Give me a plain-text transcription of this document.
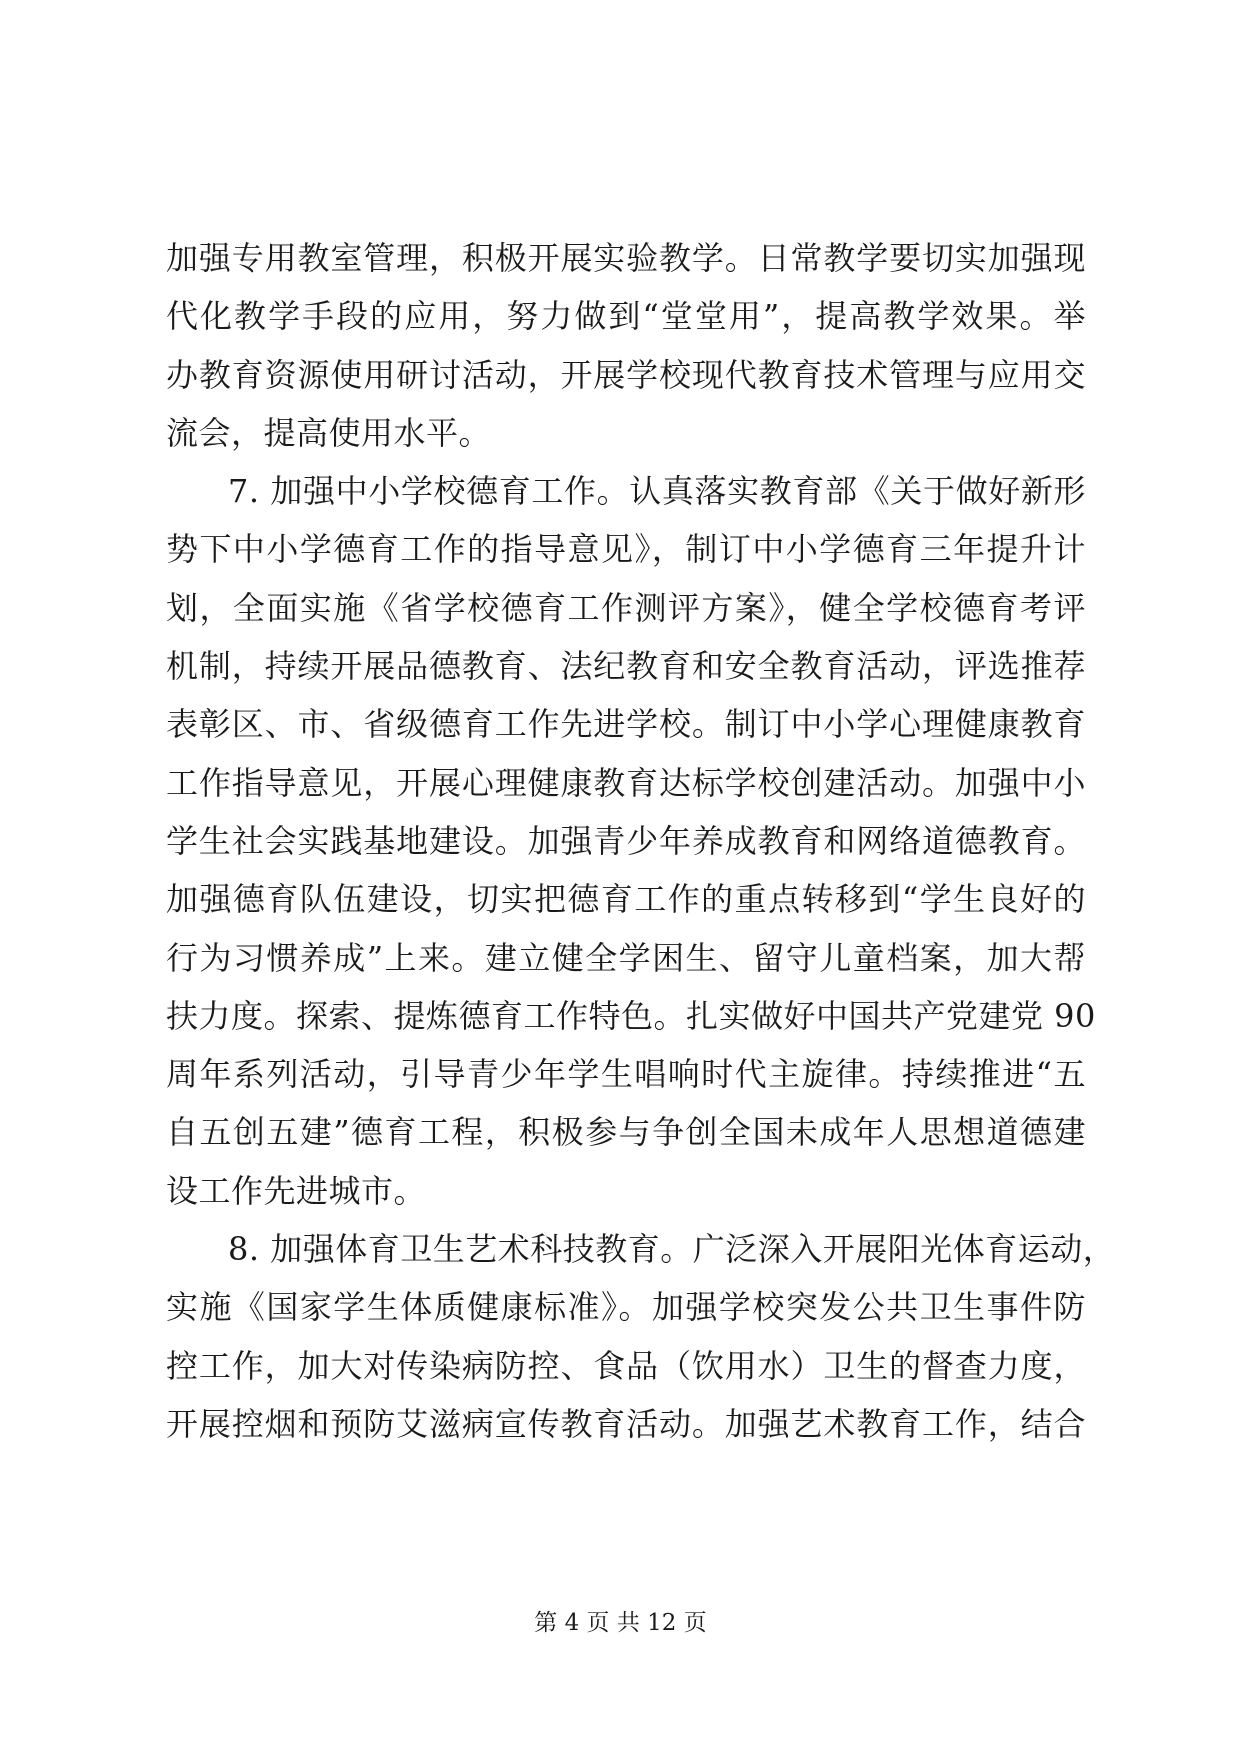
加强专用教室管理，积极开展实验教学。日常教学要切实加强现
代化教学手段的应用，努力做到“堂堂用”，提高教学效果。举
办教育资源使用研讨活动，开展学校现代教育技术管理与应用交
流会，提高使用水平。
7. 加强中小学校德育工作。认真落实教育部《关于做好新形
势下中小学德育工作的指导意见》，制订中小学德育三年提升计
划，全面实施《省学校德育工作测评方案》，健全学校德育考评
机制，持续开展品德教育、法纪教育和安全教育活动，评选推荐
表彰区、市、省级德育工作先进学校。制订中小学心理健康教育
工作指导意见，开展心理健康教育达标学校创建活动。加强中小
学生社会实践基地建设。加强青少年养成教育和网络道德教育。
加强德育队伍建设，切实把德育工作的重点转移到“学生良好的
行为习惯养成”上来。建立健全学困生、留守儿童档案，加大帮
扶力度。探索、提炼德育工作特色。扎实做好中国共产党建党 90
周年系列活动，引导青少年学生唱响时代主旋律。持续推进“五
自五创五建”德育工程，积极参与争创全国未成年人思想道德建
设工作先进城市。
8. 加强体育卫生艺术科技教育。广泛深入开展阳光体育运动，
实施《国家学生体质健康标准》。加强学校突发公共卫生事件防
控工作，加大对传染病防控、食品（饮用水）卫生的督查力度，
开展控烟和预防艾滋病宣传教育活动。加强艺术教育工作，结合
第 4 页 共 12 页
